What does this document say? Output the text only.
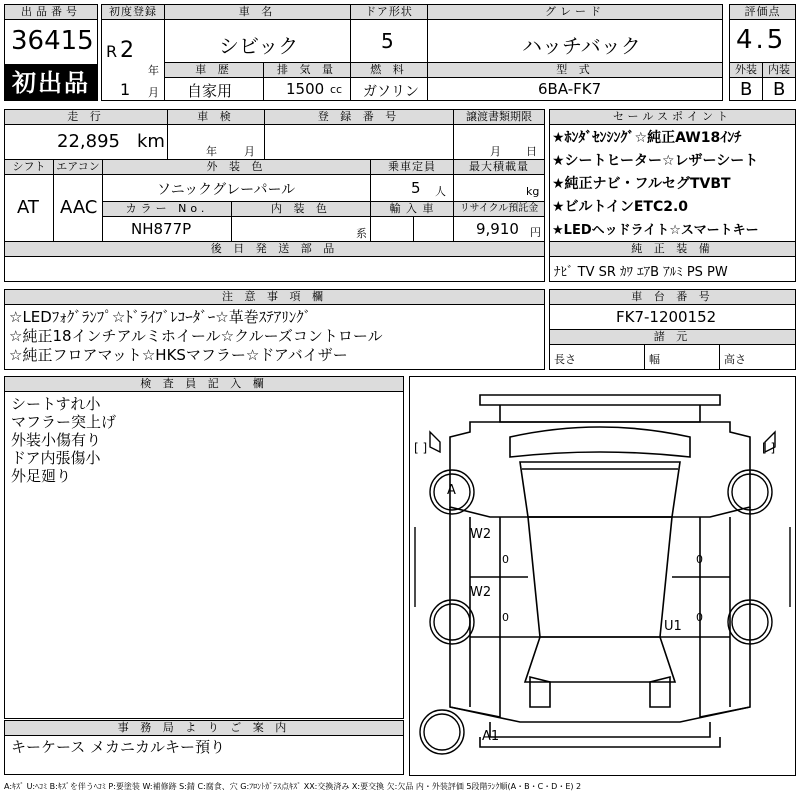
出品番号
36415
初出品
初度登録
R 2
年
1 月
車 名
シビック
ドア形状
5
グレード
ハッチバック
評価点
4.5
車 歴
自家用
排 気 量
1500 cc
燃 料
ガソリン
型 式
6BA-FK7
外装	内装
B B
走 行
22,895 km
車 検
年 月
登 録 番 号	譲渡書類期限
月 日
シフト
AT
エアコン
AAC
外 装 色
ソニックグレーパール
乗車定員
5 人
最大積載量
kg
カラー No.
NH877P
内 装 色
系
輸 入 車	リサイクル預託金
9,910 円
後 日 発 送 部 品
セールスポイント
★ﾎﾝﾀﾞｾﾝｼﾝｸﾞ☆純正AW18ｲﾝﾁ
★シートヒーター☆レザーシート
★純正ナビ・フルセグTVBT
★ビルトインETC2.0
★LEDヘッドライト☆スマートキー
純 正 装 備
ﾅﾋﾞ TV SR ｶﾜ ｴｱB ｱﾙﾐ PS PW
注 意 事 項 欄
☆LEDﾌｫｸﾞﾗﾝﾌﾟ☆ﾄﾞﾗｲﾌﾞﾚｺｰﾀﾞｰ☆革巻ｽﾃｱﾘﾝｸﾞ
☆純正18インチアルミホイール☆クルーズコントロール
☆純正フロアマット☆HKSマフラー☆ドアバイザー
車 台 番 号
FK7-1200152
諸 元
長さ	幅	高さ
検 査 員 記 入 欄
シートすれ小
マフラー突上げ
外装小傷有り
ドア内張傷小
外足廻り
事 務 局 よ り ご 案 内
キーケース メカニカルキー預り
[ ]	[ ]
A
W2
W2
U1
A1
0
0
0
0
A:ｷｽﾞ U:ﾍｺﾐ B:ｷｽﾞを伴うﾍｺﾐ P:要塗装 W:補修跡 S:錆 C:腐食、穴 G:ﾌﾛﾝﾄｶﾞﾗｽ点ｷｽﾞ XX:交換済み X:要交換 欠:欠品 内・外装評価 5段階ﾗﾝｸ順(A・B・C・D・E) 2
